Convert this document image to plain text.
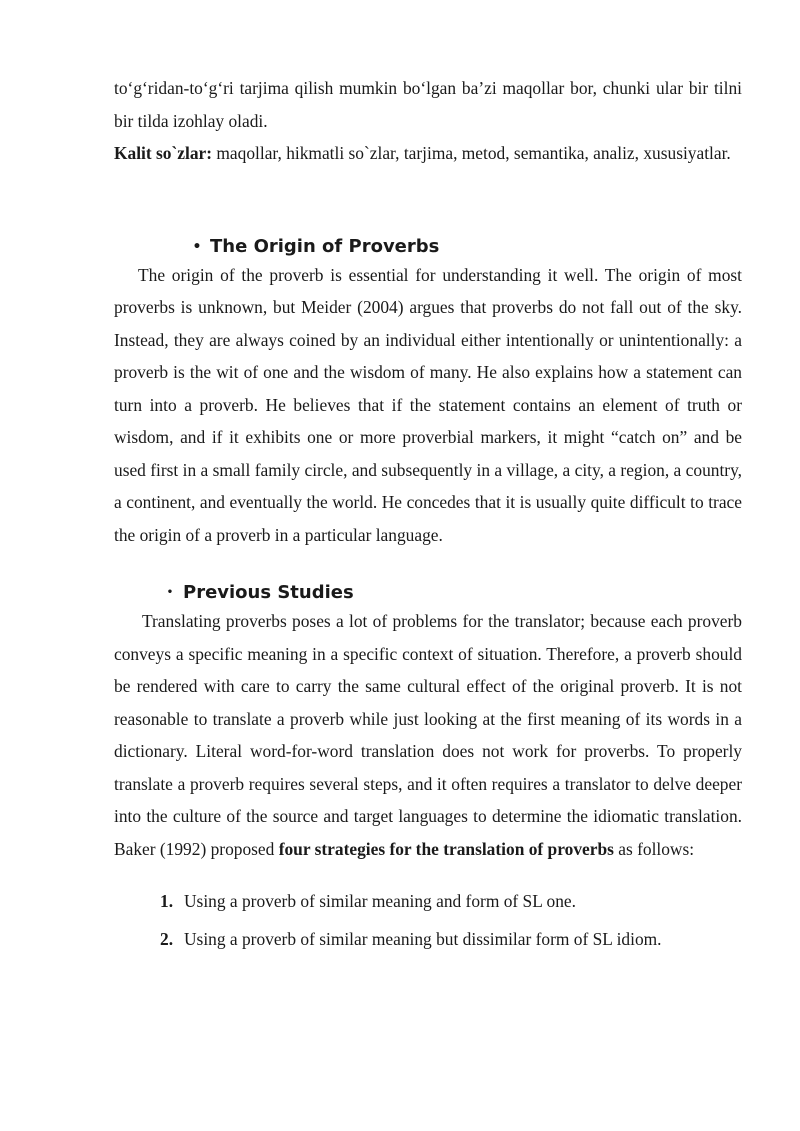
to‘g‘ridan-to‘g‘ri tarjima qilish mumkin bo‘lgan ba’zi maqollar bor, chunki ular bir tilni bir tilda izohlay oladi.

Kalit so`zlar: maqollar, hikmatli so`zlar, tarjima, metod, semantika, analiz, xususiyatlar.

• The Origin of Proverbs

The origin of the proverb is essential for understanding it well. The origin of most proverbs is unknown, but Meider (2004) argues that proverbs do not fall out of the sky. Instead, they are always coined by an individual either intentionally or unintentionally: a proverb is the wit of one and the wisdom of many. He also explains how a statement can turn into a proverb. He believes that if the statement contains an element of truth or wisdom, and if it exhibits one or more proverbial markers, it might “catch on” and be used first in a small family circle, and subsequently in a village, a city, a region, a country, a continent, and eventually the world. He concedes that it is usually quite difficult to trace the origin of a proverb in a particular language.

• Previous Studies

Translating proverbs poses a lot of problems for the translator; because each proverb conveys a specific meaning in a specific context of situation. Therefore, a proverb should be rendered with care to carry the same cultural effect of the original proverb. It is not reasonable to translate a proverb while just looking at the first meaning of its words in a dictionary. Literal word-for-word translation does not work for proverbs. To properly translate a proverb requires several steps, and it often requires a translator to delve deeper into the culture of the source and target languages to determine the idiomatic translation. Baker (1992) proposed four strategies for the translation of proverbs as follows:

1. Using a proverb of similar meaning and form of SL one.
2. Using a proverb of similar meaning but dissimilar form of SL idiom.
